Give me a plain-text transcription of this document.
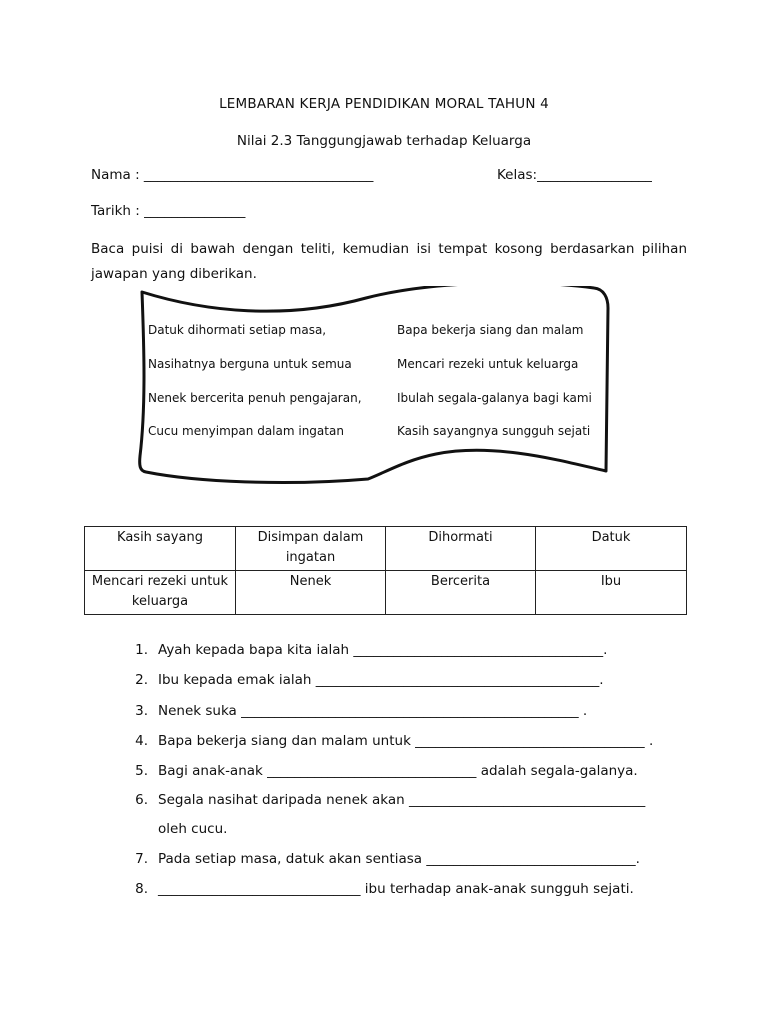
LEMBARAN KERJA PENDIDIKAN MORAL TAHUN 4
Nilai 2.3 Tanggungjawab terhadap Keluarga
Nama : __________________________________	Kelas:_________________
Tarikh : _______________
Baca puisi di bawah dengan teliti, kemudian isi tempat kosong berdasarkan pilihan jawapan yang diberikan.
Datuk dihormati setiap masa,
Nasihatnya berguna untuk semua
Nenek bercerita penuh pengajaran,
Cucu menyimpan dalam ingatan
Bapa bekerja siang dan malam
Mencari rezeki untuk keluarga
Ibulah segala-galanya bagi kami
Kasih sayangnya sungguh sejati
Kasih sayang	Disimpan dalam ingatan	Dihormati	Datuk
Mencari rezeki untuk keluarga	Nenek	Bercerita	Ibu
1. Ayah kepada bapa kita ialah _____________________________________.
2. Ibu kepada emak ialah __________________________________________.
3. Nenek suka __________________________________________________ .
4. Bapa bekerja siang dan malam untuk __________________________________ .
5. Bagi anak-anak _______________________________ adalah segala-galanya.
6. Segala nasihat daripada nenek akan ___________________________________
oleh cucu.
7. Pada setiap masa, datuk akan sentiasa _______________________________.
8. ______________________________ ibu terhadap anak-anak sungguh sejati.
